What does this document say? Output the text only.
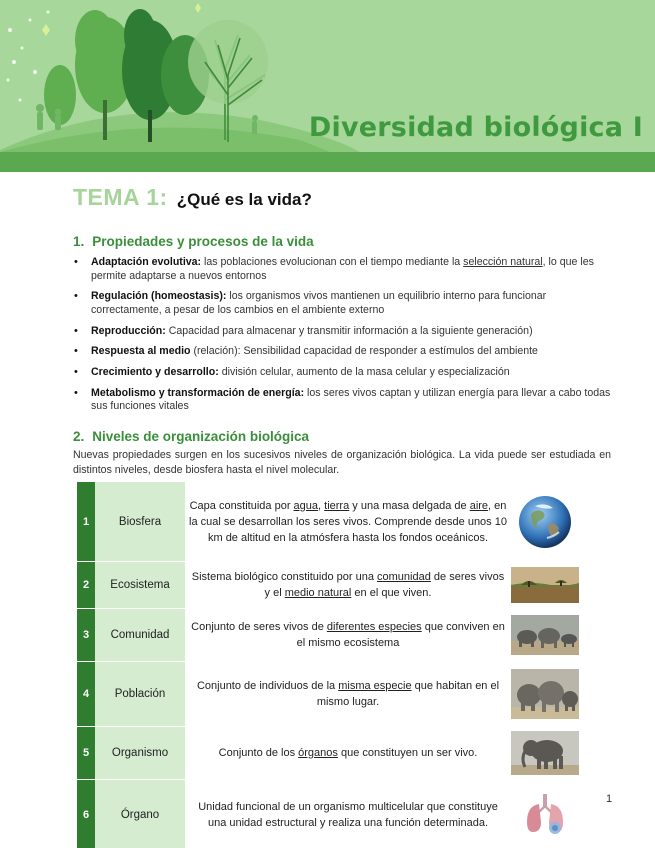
Diversidad biológica I
TEMA 1: ¿Qué es la vida?
1. Propiedades y procesos de la vida
• Adaptación evolutiva: las poblaciones evolucionan con el tiempo mediante la selección natural, lo que les permite adaptarse a nuevos entornos
• Regulación (homeostasis): los organismos vivos mantienen un equilibrio interno para funcionar correctamente, a pesar de los cambios en el ambiente externo
• Reproducción: Capacidad para almacenar y transmitir información a la siguiente generación)
• Respuesta al medio (relación): Sensibilidad capacidad de responder a estímulos del ambiente
• Crecimiento y desarrollo: división celular, aumento de la masa celular y especialización
• Metabolismo y transformación de energía: los seres vivos captan y utilizan energía para llevar a cabo todas sus funciones vitales
2. Niveles de organización biológica

Nuevas propiedades surgen en los sucesivos niveles de organización biológica. La vida puede ser estudiada en distintos niveles, desde biosfera hasta el nivel molecular.

1	Biosfera
Capa constituida por agua, tierra y una masa delgada de aire, en la cual se desarrollan los seres vivos. Comprende desde unos 10 km de altitud en la atmósfera hasta los fondos oceánicos.
2	Ecosistema
Sistema biológico constituido por una comunidad de seres vivos y el medio natural en el que viven.
3	Comunidad
Conjunto de seres vivos de diferentes especies que conviven en el mismo ecosistema
4	Población
Conjunto de individuos de la misma especie que habitan en el mismo lugar.
5	Organismo	Conjunto de los órganos que constituyen un ser vivo.
6	Órgano
Unidad funcional de un organismo multicelular que constituye una unidad estructural y realiza una función determinada.
1
